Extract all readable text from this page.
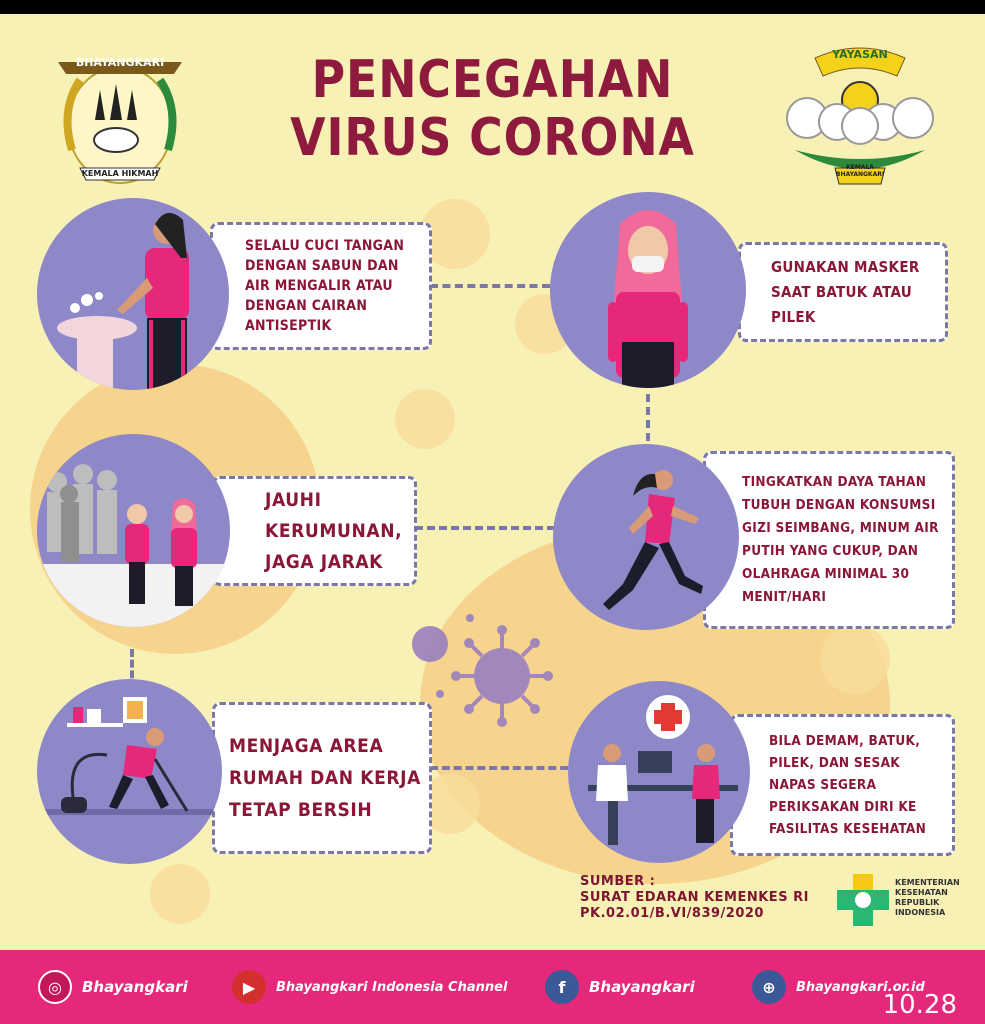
BHAYANGKARI
KEMALA HIKMAH
YAYASAN
KEMALA BHAYANGKARI
PENCEGAHAN
VIRUS CORONA
SELALU CUCI TANGAN DENGAN SABUN DAN AIR MENGALIR ATAU DENGAN CAIRAN ANTISEPTIK
GUNAKAN MASKER SAAT BATUK ATAU PILEK
JAUHI KERUMUNAN, JAGA JARAK
TINGKATKAN DAYA TAHAN TUBUH DENGAN KONSUMSI GIZI SEIMBANG, MINUM AIR PUTIH YANG CUKUP, DAN OLAHRAGA MINIMAL 30 MENIT/HARI
MENJAGA AREA RUMAH DAN KERJA TETAP BERSIH
BILA DEMAM, BATUK, PILEK, DAN SESAK NAPAS SEGERA PERIKSAKAN DIRI KE FASILITAS KESEHATAN
SUMBER :
SURAT EDARAN KEMENKES RI
PK.02.01/B.VI/839/2020
KEMENTERIAN
KESEHATAN
REPUBLIK
INDONESIA
◎	Bhayangkari	▶	Bhayangkari Indonesia Channel	f	Bhayangkari	⊕	Bhayangkari.or.id
10.28
